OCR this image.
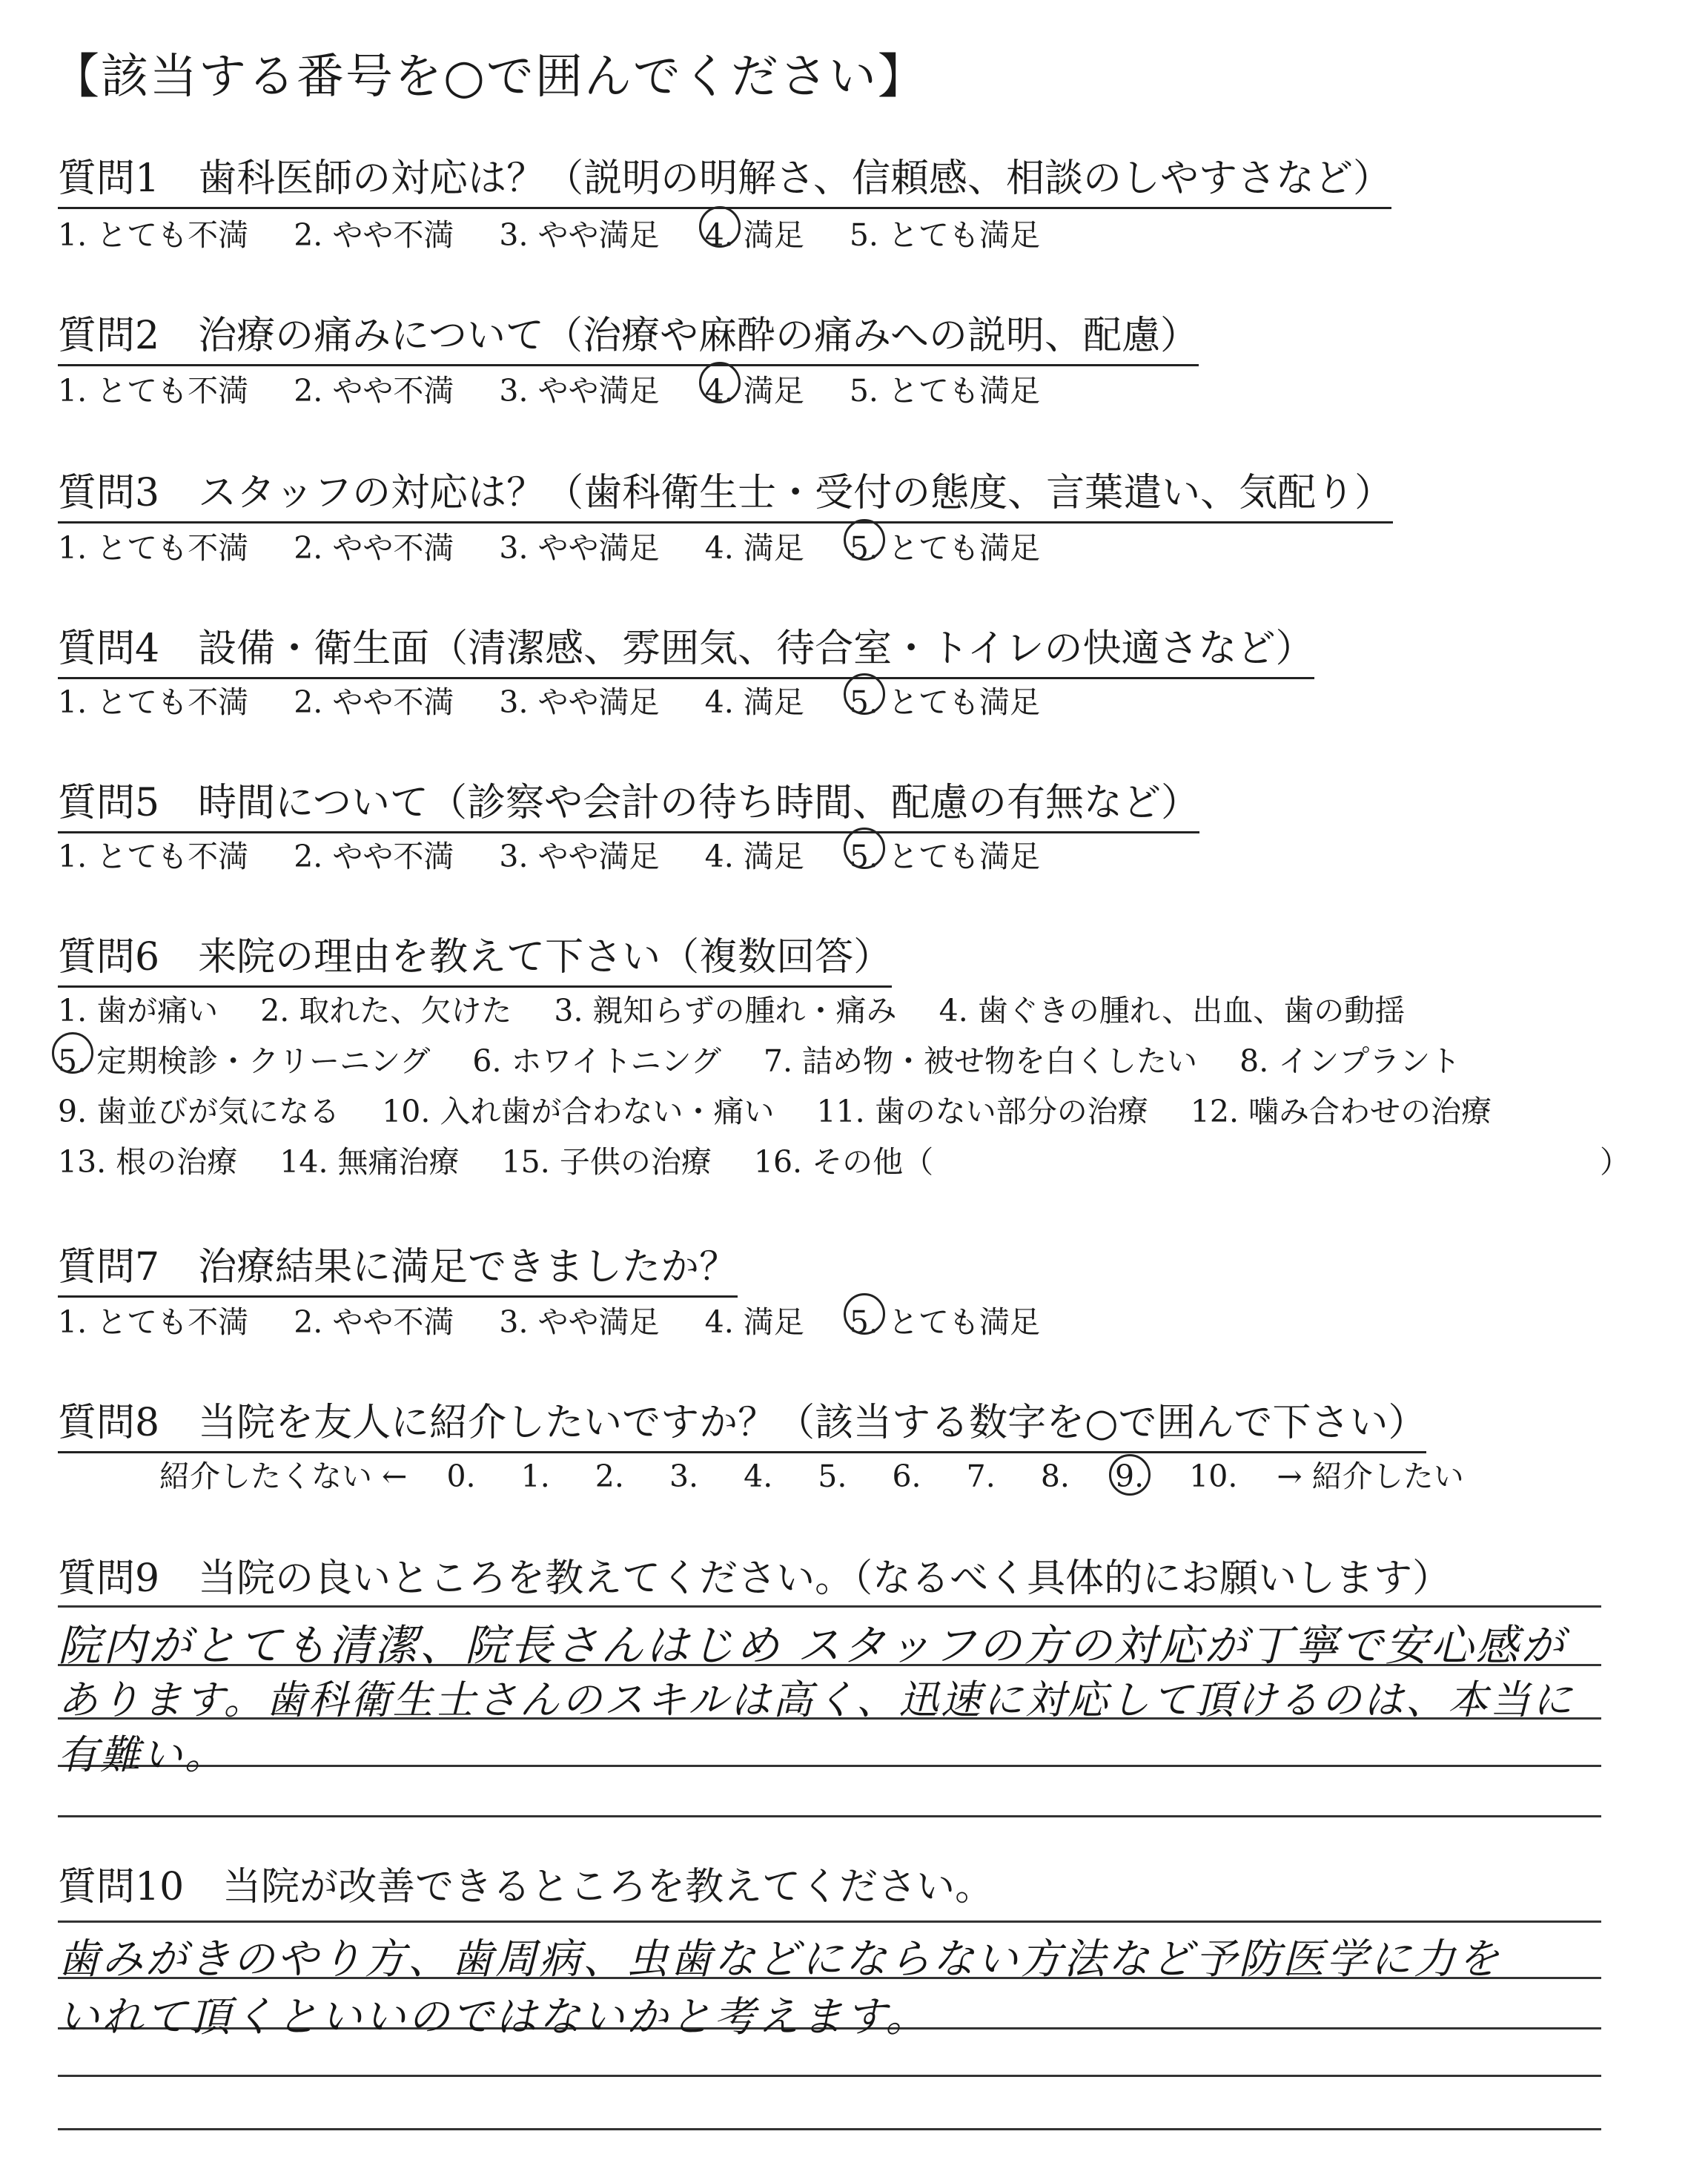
【該当する番号を○で囲んでください】
質問1　歯科医師の対応は？（説明の明解さ、信頼感、相談のしやすさなど）
1. とても不満 2. やや不満 3. やや満足 4. 満足 5. とても満足
質問2　治療の痛みについて（治療や麻酔の痛みへの説明、配慮）
1. とても不満 2. やや不満 3. やや満足 4. 満足 5. とても満足
質問3　スタッフの対応は？（歯科衛生士・受付の態度、言葉遣い、気配り）
1. とても不満 2. やや不満 3. やや満足 4. 満足 5. とても満足
質問4　設備・衛生面（清潔感、雰囲気、待合室・トイレの快適さなど）
1. とても不満 2. やや不満 3. やや満足 4. 満足 5. とても満足
質問5　時間について（診察や会計の待ち時間、配慮の有無など）
1. とても不満 2. やや不満 3. やや満足 4. 満足 5. とても満足
質問6　来院の理由を教えて下さい（複数回答）
1. 歯が痛い 2. 取れた、欠けた 3. 親知らずの腫れ・痛み 4. 歯ぐきの腫れ、出血、歯の動揺
5. 定期検診・クリーニング 6. ホワイトニング 7. 詰め物・被せ物を白くしたい 8. インプラント
9. 歯並びが気になる 10. 入れ歯が合わない・痛い 11. 歯のない部分の治療 12. 噛み合わせの治療
13. 根の治療 14. 無痛治療 15. 子供の治療 16. その他（	）
質問7　治療結果に満足できましたか？
1. とても不満 2. やや不満 3. やや満足 4. 満足 5. とても満足
質問8　当院を友人に紹介したいですか？（該当する数字を○で囲んで下さい）
紹介したくない ← 0. 1. 2. 3. 4. 5. 6. 7. 8. 9. 10. → 紹介したい
質問9　当院の良いところを教えてください。（なるべく具体的にお願いします）
院内がとても清潔、院長さんはじめ スタッフの方の対応が丁寧で安心感が
あります。歯科衛生士さんのスキルは高く、迅速に対応して頂けるのは、本当に
有難い。
質問10　当院が改善できるところを教えてください。
歯みがきのやり方、歯周病、虫歯などにならない方法など予防医学に力を
いれて頂くといいのではないかと考えます。
